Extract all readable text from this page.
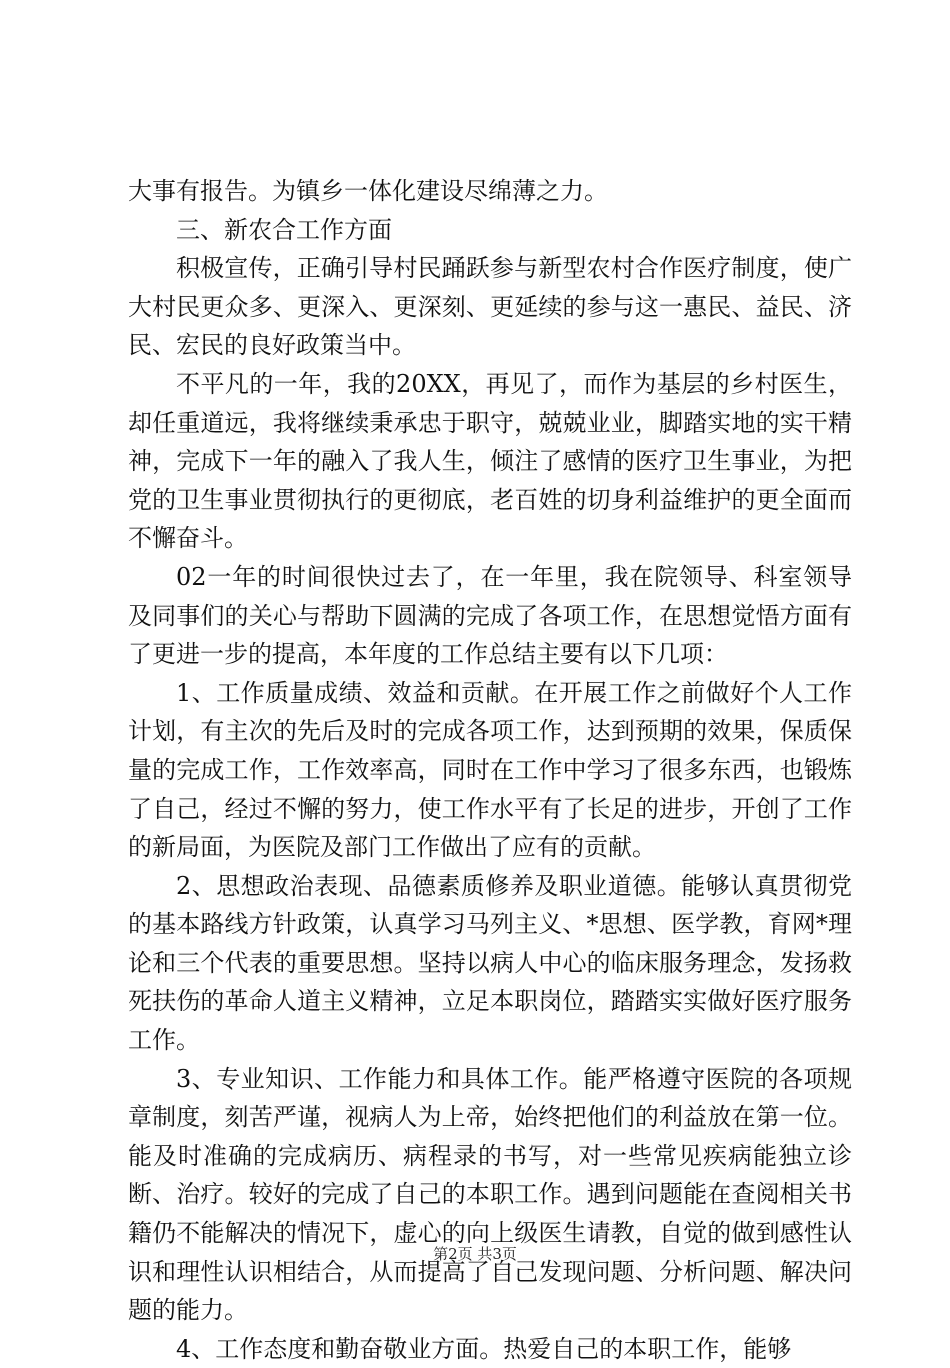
大事有报告。为镇乡一体化建设尽绵薄之力。

三、新农合工作方面

积极宣传，正确引导村民踊跃参与新型农村合作医疗制度，使广大村民更众多、更深入、更深刻、更延续的参与这一惠民、益民、济民、宏民的良好政策当中。

不平凡的一年，我的20XX，再见了，而作为基层的乡村医生，却任重道远，我将继续秉承忠于职守，兢兢业业，脚踏实地的实干精神，完成下一年的融入了我人生，倾注了感情的医疗卫生事业，为把党的卫生事业贯彻执行的更彻底，老百姓的切身利益维护的更全面而不懈奋斗。

02一年的时间很快过去了，在一年里，我在院领导、科室领导及同事们的关心与帮助下圆满的完成了各项工作，在思想觉悟方面有了更进一步的提高，本年度的工作总结主要有以下几项：

1、工作质量成绩、效益和贡献。在开展工作之前做好个人工作计划，有主次的先后及时的完成各项工作，达到预期的效果，保质保量的完成工作，工作效率高，同时在工作中学习了很多东西，也锻炼了自己，经过不懈的努力，使工作水平有了长足的进步，开创了工作的新局面，为医院及部门工作做出了应有的贡献。

2、思想政治表现、品德素质修养及职业道德。能够认真贯彻党的基本路线方针政策，认真学习马列主义、*思想、医学教，育网*理论和三个代表的重要思想。坚持以病人中心的临床服务理念，发扬救死扶伤的革命人道主义精神，立足本职岗位，踏踏实实做好医疗服务工作。

3、专业知识、工作能力和具体工作。能严格遵守医院的各项规章制度，刻苦严谨，视病人为上帝，始终把他们的利益放在第一位。能及时准确的完成病历、病程录的书写，对一些常见疾病能独立诊断、治疗。较好的完成了自己的本职工作。遇到问题能在查阅相关书籍仍不能解决的情况下，虚心的向上级医生请教，自觉的做到感性认识和理性认识相结合，从而提高了自己发现问题、分析问题、解决问题的能力。

4、工作态度和勤奋敬业方面。热爱自己的本职工作，能够

第2页 共3页
